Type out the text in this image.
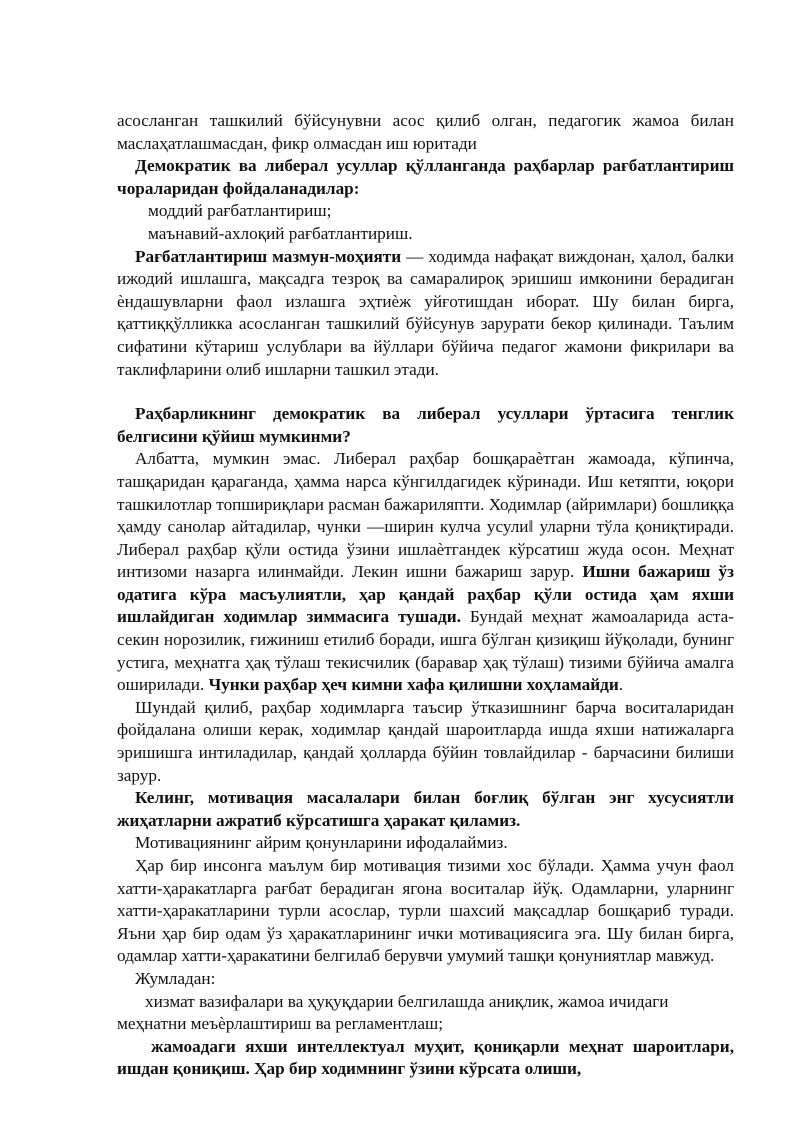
асосланган ташкилий бўйсунувни асос қилиб олган, педагогик жамоа билан маслаҳатлашмасдан, фикр олмасдан иш юритади

Демократик ва либерал усуллар қўлланганда раҳбарлар рағбатлантириш чораларидан фойдаланадилар:

моддий рағбатлантириш;

маънавий-ахлоқий рағбатлантириш.

Рағбатлантириш мазмун-моҳияти — ходимда нафақат виждонан, ҳалол, балки ижодий ишлашга, мақсадга тезроқ ва самаралироқ эришиш имконини берадиган ѐндашувларни фаол излашга эҳтиѐж уйғотишдан иборат. Шу билан бирга, қаттиққўлликка асосланган ташкилий бўйсунув зарурати бекор қилинади. Таълим сифатини кўтариш услублари ва йўллари бўйича педагог жамони фикрилари ва таклифларини олиб ишларни ташкил этади.

Раҳбарликнинг демократик ва либерал усуллари ўртасига тенглик белгисини қўйиш мумкинми?

Албатта, мумкин эмас. Либерал раҳбар бошқараѐтган жамоада, кўпинча, ташқаридан қараганда, ҳамма нарса кўнгилдагидек кўринади. Иш кетяпти, юқори ташкилотлар топшириқлари расман бажариляпти. Ходимлар (айримлари) бошлиққа ҳамду санолар айтадилар, чунки —ширин кулча усули‖ уларни тўла қониқтиради. Либерал раҳбар қўли остида ўзини ишлаѐтгандек кўрсатиш жуда осон. Меҳнат интизоми назарга илинмайди. Лекин ишни бажариш зарур. Ишни бажариш ўз одатига кўра масъулиятли, ҳар қандай раҳбар қўли остида ҳам яхши ишлайдиган ходимлар зиммасига тушади. Бундай меҳнат жамоаларида аста-секин норозилик, ғижиниш етилиб боради, ишга бўлган қизиқиш йўқолади, бунинг устига, меҳнатга ҳақ тўлаш текисчилик (баравар ҳақ тўлаш) тизими бўйича амалга оширилади. Чунки раҳбар ҳеч кимни хафа қилишни хоҳламайди.

Шундай қилиб, раҳбар ходимларга таъсир ўтказишнинг барча воситаларидан фойдалана олиши керак, ходимлар қандай шароитларда ишда яхши натижаларга эришишга интиладилар, қандай ҳолларда бўйин товлайдилар - барчасини билиши зарур.

Келинг, мотивация масалалари билан боғлиқ бўлган энг хусусиятли жиҳатларни ажратиб кўрсатишга ҳаракат қиламиз.

Мотивациянинг айрим қонунларини ифодалаймиз.

Ҳар бир инсонга маълум бир мотивация тизими хос бўлади. Ҳамма учун фаол хатти-ҳаракатларга рағбат берадиган ягона воситалар йўқ. Одамларни, уларнинг хатти-ҳаракатларини турли асослар, турли шахсий мақсадлар бошқариб туради. Яъни ҳар бир одам ўз ҳаракатларининг ички мотивациясига эга. Шу билан бирга, одамлар хатти-ҳаракатини белгилаб берувчи умумий ташқи қонуниятлар мавжуд.

Жумладан:

хизмат вазифалари ва ҳуқуқдарии белгилашда аниқлик, жамоа ичидаги меҳнатни меъѐрлаштириш ва регламентлаш;

жамоадаги яхши интеллектуал муҳит, қониқарли меҳнат шароитлари, ишдан қониқиш. Ҳар бир ходимнинг ўзини кўрсата олиши,
